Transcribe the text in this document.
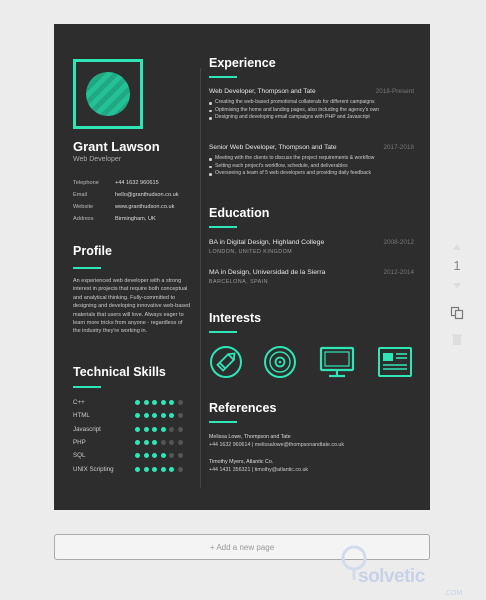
Grant Lawson
Web Developer
Telephone	+44 1632 960615
Email	hello@granthudson.co.uk
Website	www.granthudson.co.uk
Address	Birmingham, UK
Profile
An experienced web developer with a strong interest in projects that require both conceptual and analytical thinking. Fully-committed to designing and developing innovative web-based materials that users will love. Always eager to learn more tricks from anyone - regardless of the industry they're working in.
Technical Skills
C++
HTML
Javascript
PHP
SQL
UNIX Scripting
Experience
Web Developer, Thompson and Tate	2018-Present
Creating the web-based promotional collaterals for different campaigns
Optimising the home and landing pages, also including the agency's own
Designing and developing email campaigns with PHP and Javascript
Senior Web Developer, Thompson and Tate	2017-2018
Meeting with the clients to discuss the project requirements & workflow
Setting each project's workflow, schedule, and deliverables
Overseeing a team of 5 web developers and providing daily feedback
Education
BA in Digital Design, Highland College	2008-2012
LONDON, UNITED KINGDOM
MA in Design, Universidad de la Sierra	2012-2014
BARCELONA, SPAIN
Interests
References
Melissa Lowe, Thompson and Tate
+44 1632 960614 | melissalowe@thompsonandtate.co.uk
Timothy Myers, Atlantic Co.
+44 1431 356321 | timothy@atlantic.co.uk
1
+ Add a new page
solvetic
.COM
